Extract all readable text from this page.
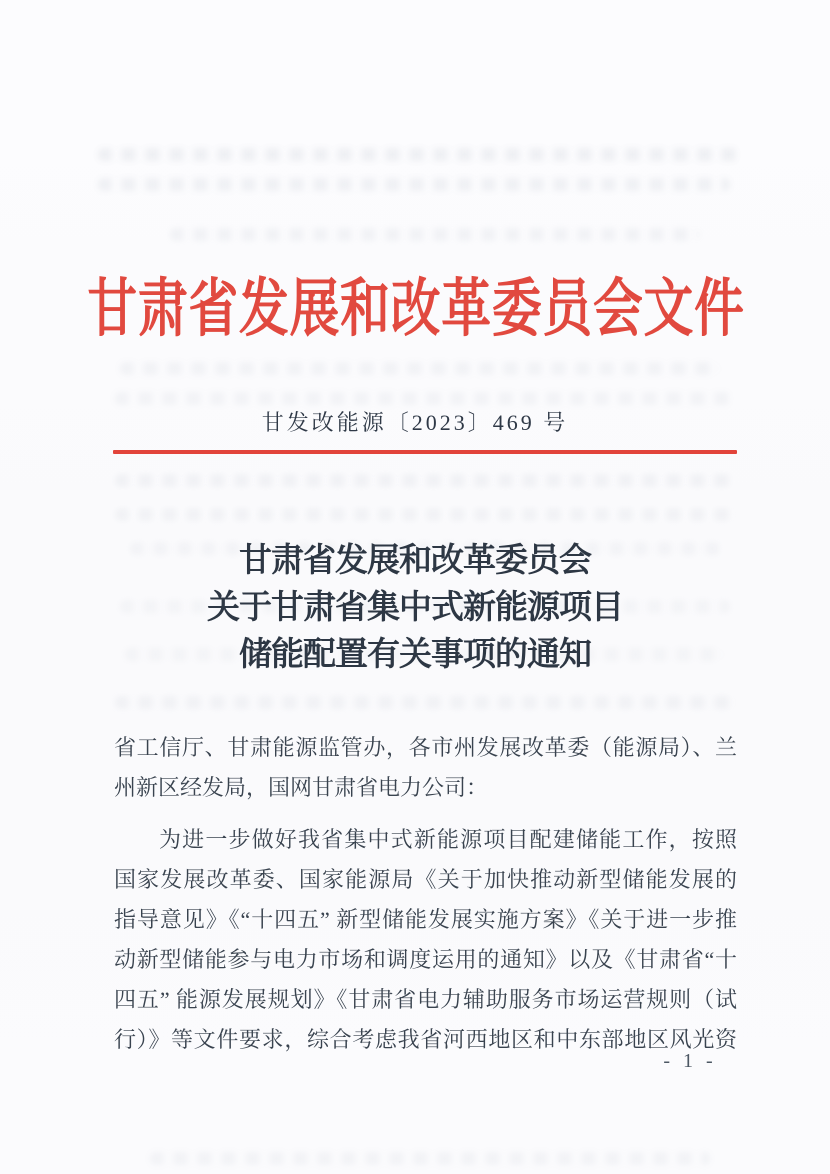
甘肃省发展和改革委员会文件
甘发改能源〔2023〕469 号
甘肃省发展和改革委员会
关于甘肃省集中式新能源项目
储能配置有关事项的通知
省工信厅、甘肃能源监管办，各市州发展改革委（能源局）、兰
州新区经发局，国网甘肃省电力公司：
为进一步做好我省集中式新能源项目配建储能工作，按照
国家发展改革委、国家能源局《关于加快推动新型储能发展的
指导意见》《“十四五” 新型储能发展实施方案》《关于进一步推
动新型储能参与电力市场和调度运用的通知》以及《甘肃省“十
四五” 能源发展规划》《甘肃省电力辅助服务市场运营规则（试
行）》等文件要求，综合考虑我省河西地区和中东部地区风光资
- 1 -
